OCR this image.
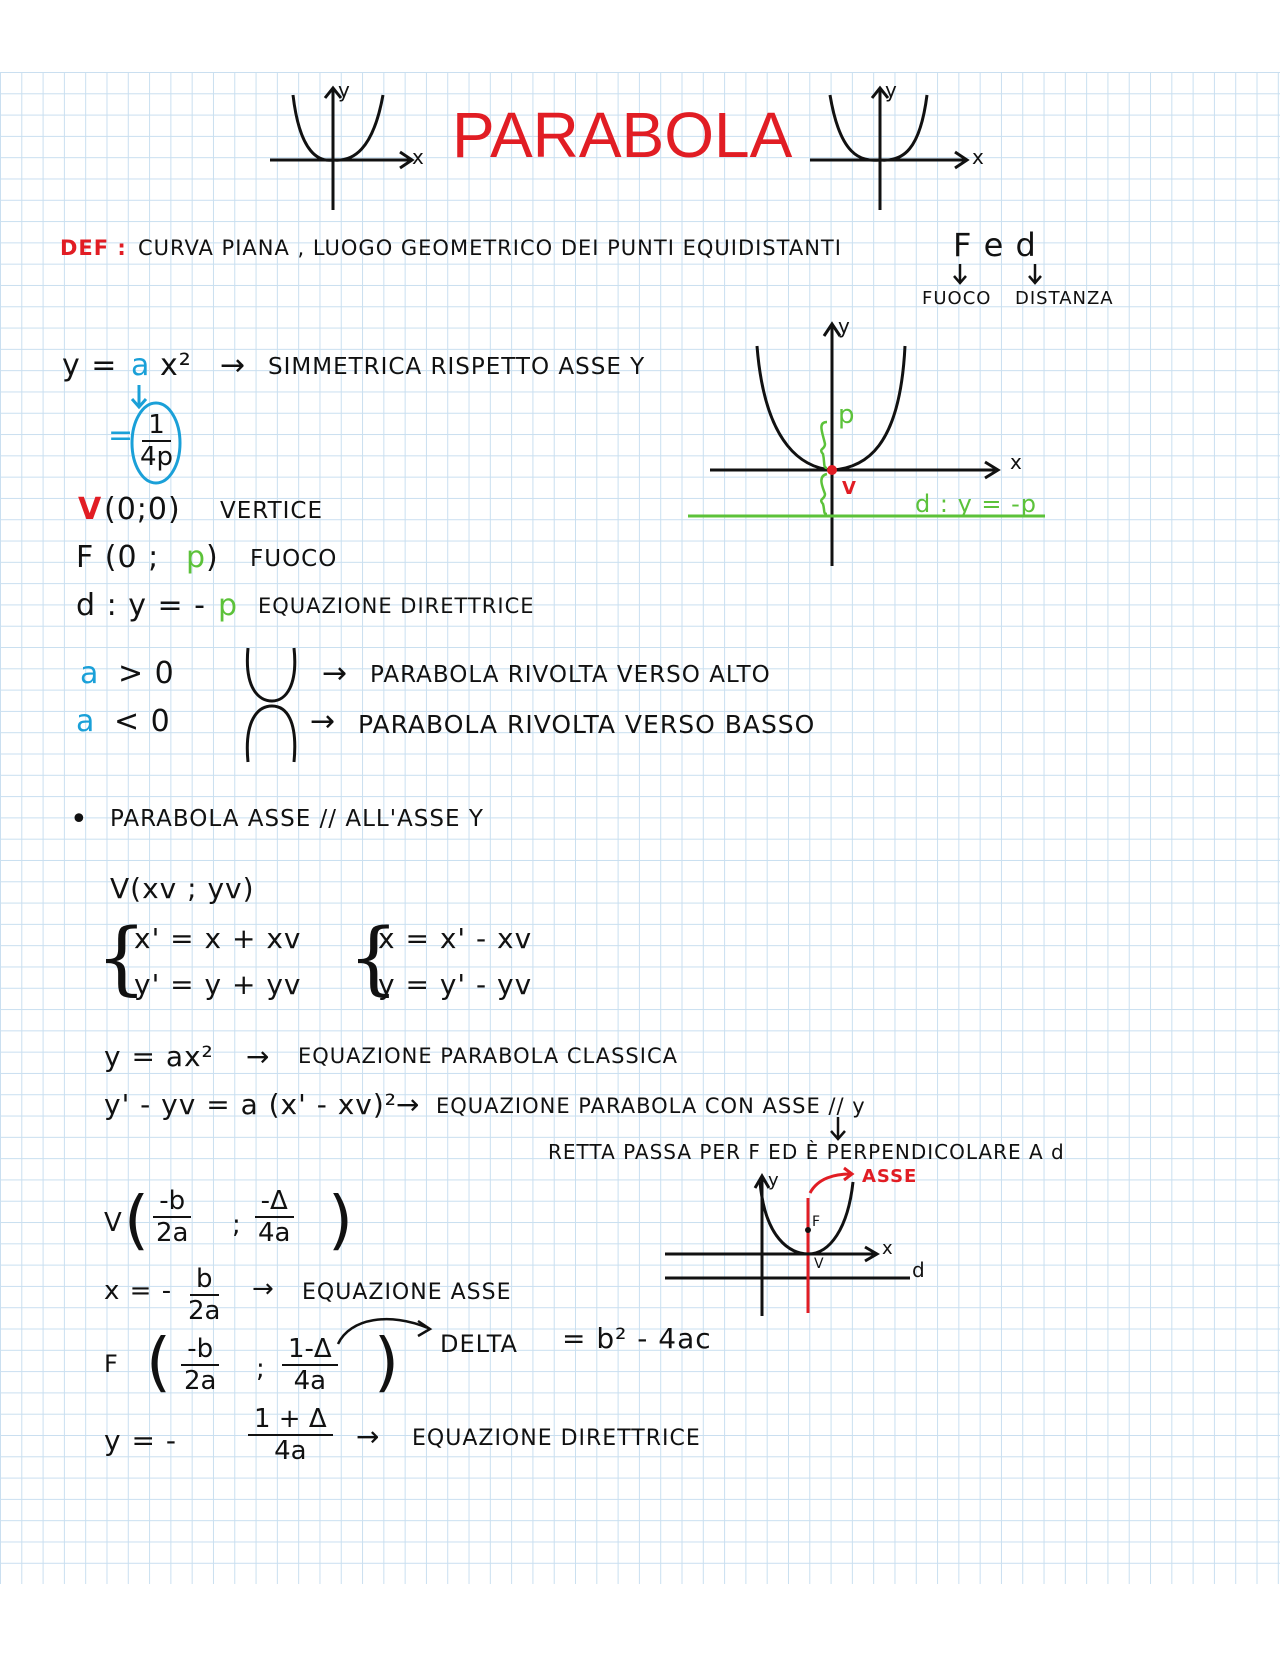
x
y
PARABOLA	x
y
DEF : CURVA PIANA , LUOGO GEOMETRICO DEI PUNTI EQUIDISTANTI	F e d
FUOCO DISTANZA
y = a x² → SIMMETRICA RISPETTO ASSE Y
= $\frac{1}{4p}$
V (0;0) VERTICE
F (0 ; p ) FUOCO
d : y = - p EQUAZIONE DIRETTRICE
p
V
d : y = -p
x
y
a > 0	→ PARABOLA RIVOLTA VERSO ALTO
a < 0	→ PARABOLA RIVOLTA VERSO BASSO
• PARABOLA ASSE // ALL'ASSE Y
V(xv ; yv)
{
x' = x + xv
y' = y + yv {
x = x' - xv
y = y' - yv
y = ax² → EQUAZIONE PARABOLA CLASSICA
y' - yv = a (x' - xv)²
→ EQUAZIONE PARABOLA CON ASSE // y
RETTA PASSA PER F ED È PERPENDICOLARE A d
ASSE
F
V	d
x
y
V ( $\frac{-b}{2a}$ ; $\frac{-\Delta}{4a}$ )
x = - $\frac{b}{2a}$ → EQUAZIONE ASSE
F ( $\frac{-b}{2a}$ ; $\frac{1-\Delta}{4a}$ ) DELTA = b² - 4ac
y = -	$\frac{1 + \Delta}{4a}$ → EQUAZIONE DIRETTRICE
